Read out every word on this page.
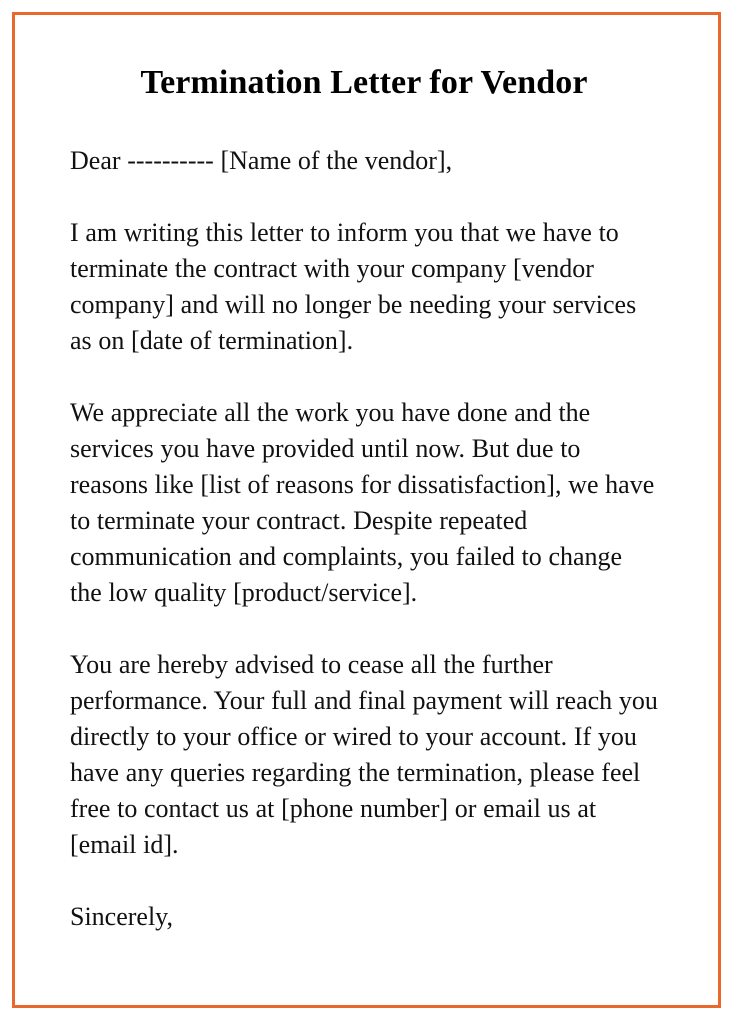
Termination Letter for Vendor

Dear ---------- [Name of the vendor],

I am writing this letter to inform you that we have to terminate the contract with your company [vendor company] and will no longer be needing your services as on [date of termination].

We appreciate all the work you have done and the services you have provided until now. But due to reasons like [list of reasons for dissatisfaction], we have to terminate your contract. Despite repeated communication and complaints, you failed to change the low quality [product/service].

You are hereby advised to cease all the further performance. Your full and final payment will reach you directly to your office or wired to your account. If you have any queries regarding the termination, please feel free to contact us at [phone number] or email us at [email id].

Sincerely,
